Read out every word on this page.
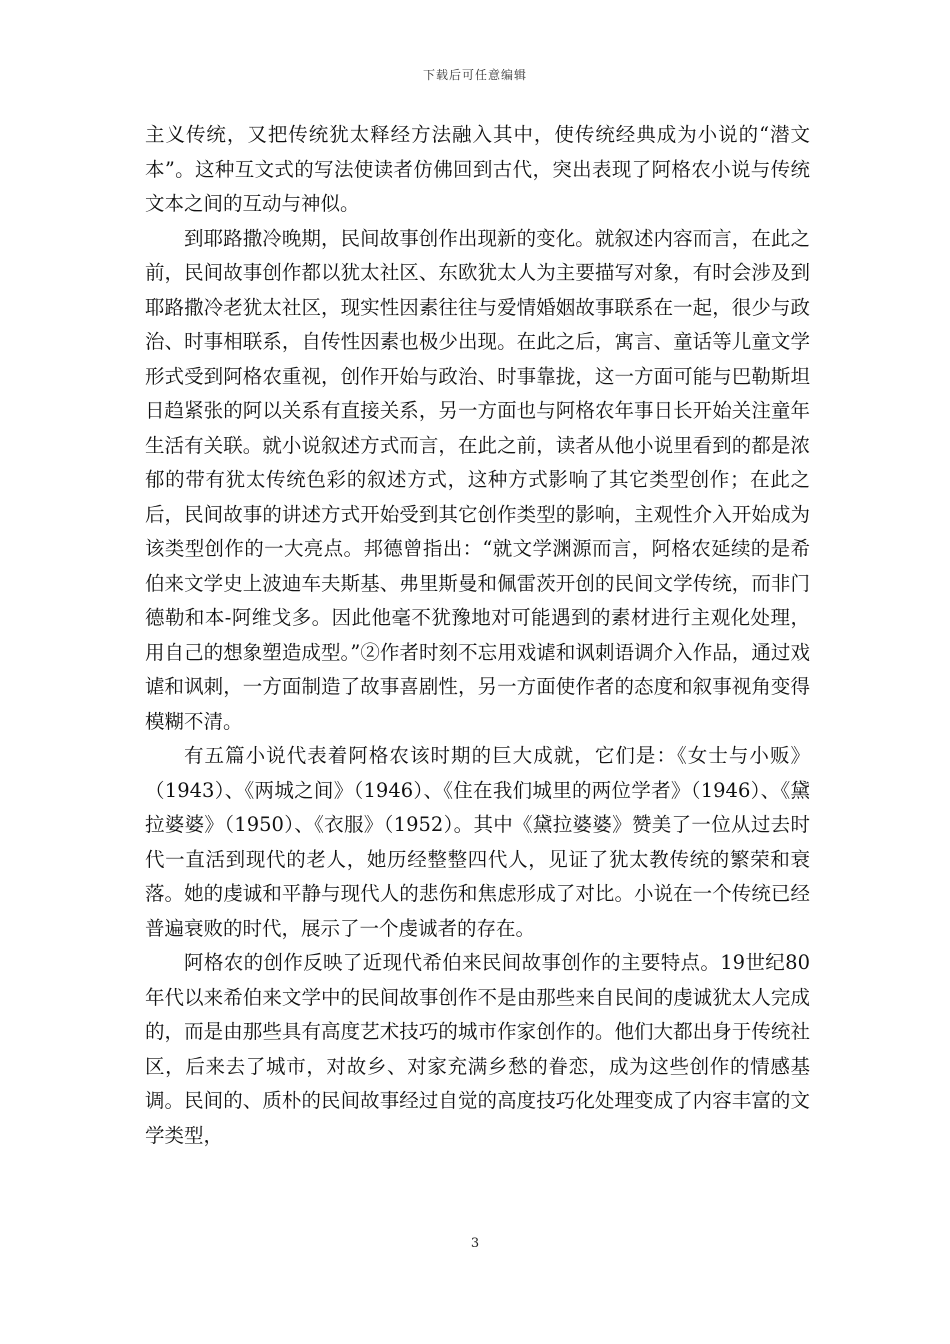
下载后可任意编辑

主义传统，又把传统犹太释经方法融入其中，使传统经典成为小说的“潜文本”。这种互文式的写法使读者仿佛回到古代，突出表现了阿格农小说与传统文本之间的互动与神似。

到耶路撒冷晚期，民间故事创作出现新的变化。就叙述内容而言，在此之前，民间故事创作都以犹太社区、东欧犹太人为主要描写对象，有时会涉及到耶路撒冷老犹太社区，现实性因素往往与爱情婚姻故事联系在一起，很少与政治、时事相联系，自传性因素也极少出现。在此之后，寓言、童话等儿童文学形式受到阿格农重视，创作开始与政治、时事靠拢，这一方面可能与巴勒斯坦日趋紧张的阿以关系有直接关系，另一方面也与阿格农年事日长开始关注童年生活有关联。就小说叙述方式而言，在此之前，读者从他小说里看到的都是浓郁的带有犹太传统色彩的叙述方式，这种方式影响了其它类型创作；在此之后，民间故事的讲述方式开始受到其它创作类型的影响，主观性介入开始成为该类型创作的一大亮点。邦德曾指出：“就文学渊源而言，阿格农延续的是希伯来文学史上波迪车夫斯基、弗里斯曼和佩雷茨开创的民间文学传统，而非门德勒和本-阿维戈多。因此他毫不犹豫地对可能遇到的素材进行主观化处理，用自己的想象塑造成型。”②作者时刻不忘用戏谑和讽刺语调介入作品，通过戏谑和讽刺，一方面制造了故事喜剧性，另一方面使作者的态度和叙事视角变得模糊不清。

有五篇小说代表着阿格农该时期的巨大成就，它们是：《女士与小贩》（1943）、《两城之间》（1946）、《住在我们城里的两位学者》（1946）、《黛拉婆婆》（1950）、《衣服》（1952）。其中《黛拉婆婆》赞美了一位从过去时代一直活到现代的老人，她历经整整四代人，见证了犹太教传统的繁荣和衰落。她的虔诚和平静与现代人的悲伤和焦虑形成了对比。小说在一个传统已经普遍衰败的时代，展示了一个虔诚者的存在。

阿格农的创作反映了近现代希伯来民间故事创作的主要特点。19世纪80年代以来希伯来文学中的民间故事创作不是由那些来自民间的虔诚犹太人完成的，而是由那些具有高度艺术技巧的城市作家创作的。他们大都出身于传统社区，后来去了城市，对故乡、对家充满乡愁的眷恋，成为这些创作的情感基调。民间的、质朴的民间故事经过自觉的高度技巧化处理变成了内容丰富的文学类型，

3
